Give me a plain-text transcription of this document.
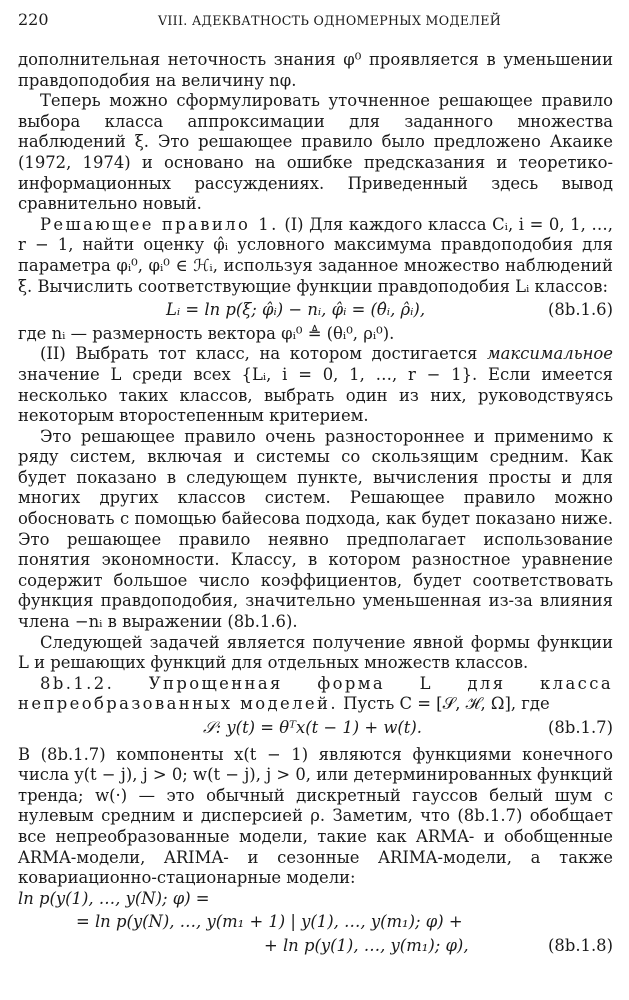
220	VIII. АДЕКВАТНОСТЬ ОДНОМЕРНЫХ МОДЕЛЕЙ

дополнительная неточность знания φ⁰ проявляется в уменьшении правдоподобия на величину nφ.

Теперь можно сформулировать уточненное решающее правило выбора класса аппроксимации для заданного множества наблюдений ξ. Это решающее правило было предложено Акаике (1972, 1974) и основано на ошибке предсказания и теоретико-информационных рассуждениях. Приведенный здесь вывод сравнительно новый.

Решающее правило 1. (I) Для каждого класса Cᵢ, i = 0, 1, …, r − 1, найти оценку φ̂ᵢ условного максимума правдоподобия для параметра φᵢ⁰, φᵢ⁰ ∈ ℋᵢ, используя заданное множество наблюдений ξ. Вычислить соответствующие функции правдоподобия Lᵢ классов:

Lᵢ = ln p(ξ; φ̂ᵢ) − nᵢ, φ̂ᵢ = (θ̂ᵢ, ρ̂ᵢ),	(8b.1.6)

где nᵢ — размерность вектора φᵢ⁰ ≜ (θᵢ⁰, ρᵢ⁰).

(II) Выбрать тот класс, на котором достигается максимальное значение L среди всех {Lᵢ, i = 0, 1, …, r − 1}. Если имеется несколько таких классов, выбрать один из них, руководствуясь некоторым второстепенным критерием.

Это решающее правило очень разностороннее и применимо к ряду систем, включая и системы со скользящим средним. Как будет показано в следующем пункте, вычисления просты и для многих других классов систем. Решающее правило можно обосновать с помощью байесова подхода, как будет показано ниже. Это решающее правило неявно предполагает использование понятия экономности. Классу, в котором разностное уравнение содержит большое число коэффициентов, будет соответствовать функция правдоподобия, значительно уменьшенная из-за влияния члена −nᵢ в выражении (8b.1.6).

Следующей задачей является получение явной формы функции L и решающих функций для отдельных множеств классов.

8b.1.2. Упрощенная форма L для класса непреобразованных моделей. Пусть C = [𝒮, ℋ, Ω], где

𝒮: y(t) = θᵀx(t − 1) + w(t).	(8b.1.7)

В (8b.1.7) компоненты x(t − 1) являются функциями конечного числа y(t − j), j > 0; w(t − j), j > 0, или детерминированных функций тренда; w(·) — это обычный дискретный гауссов белый шум с нулевым средним и дисперсией ρ. Заметим, что (8b.1.7) обобщает все непреобразованные модели, такие как ARMA- и обобщенные ARMA-модели, ARIMA- и сезонные ARIMA-модели, а также ковариационно-стационарные модели:

ln p(y(1), …, y(N); φ) =
= ln p(y(N), …, y(m₁ + 1) | y(1), …, y(m₁); φ) +
+ ln p(y(1), …, y(m₁); φ),	(8b.1.8)
